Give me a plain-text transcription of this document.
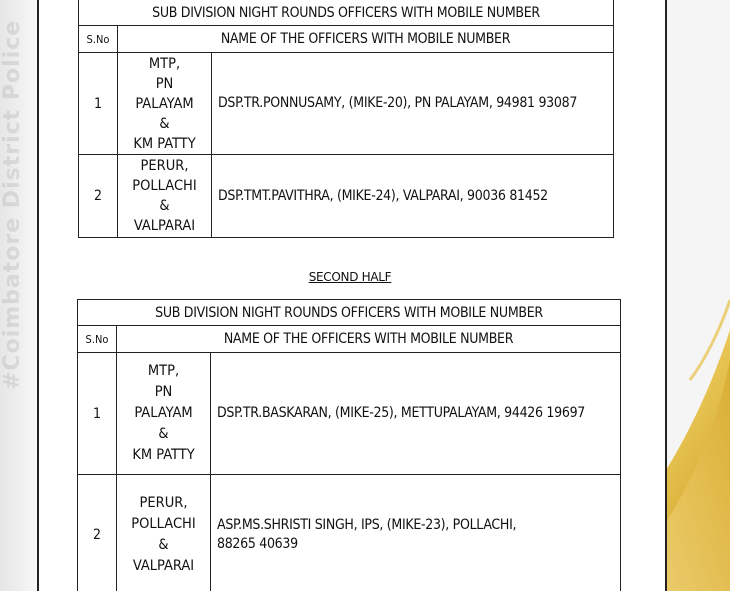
SUB DIVISION NIGHT ROUNDS OFFICERS WITH MOBILE NUMBER		
S.No	NAME OF THE OFFICERS WITH MOBILE NUMBER	
1	MTP,
PN
PALAYAM
&
KM PATTY	DSP.TR.PONNUSAMY, (MIKE-20), PN PALAYAM, 94981 93087

2	PERUR,
POLLACHI
&
VALPARAI	DSP.TMT.PAVITHRA, (MIKE-24), VALPARAI, 90036 81452
SECOND HALF
SUB DIVISION NIGHT ROUNDS OFFICERS WITH MOBILE NUMBER		
S.No	NAME OF THE OFFICERS WITH MOBILE NUMBER	
1	MTP,
PN
PALAYAM
&
KM PATTY	DSP.TR.BASKARAN, (MIKE-25), METTUPALAYAM, 94426 19697

2	PERUR,
POLLACHI
&
VALPARAI	ASP.MS.SHRISTI SINGH, IPS, (MIKE-23), POLLACHI,
88265 40639
